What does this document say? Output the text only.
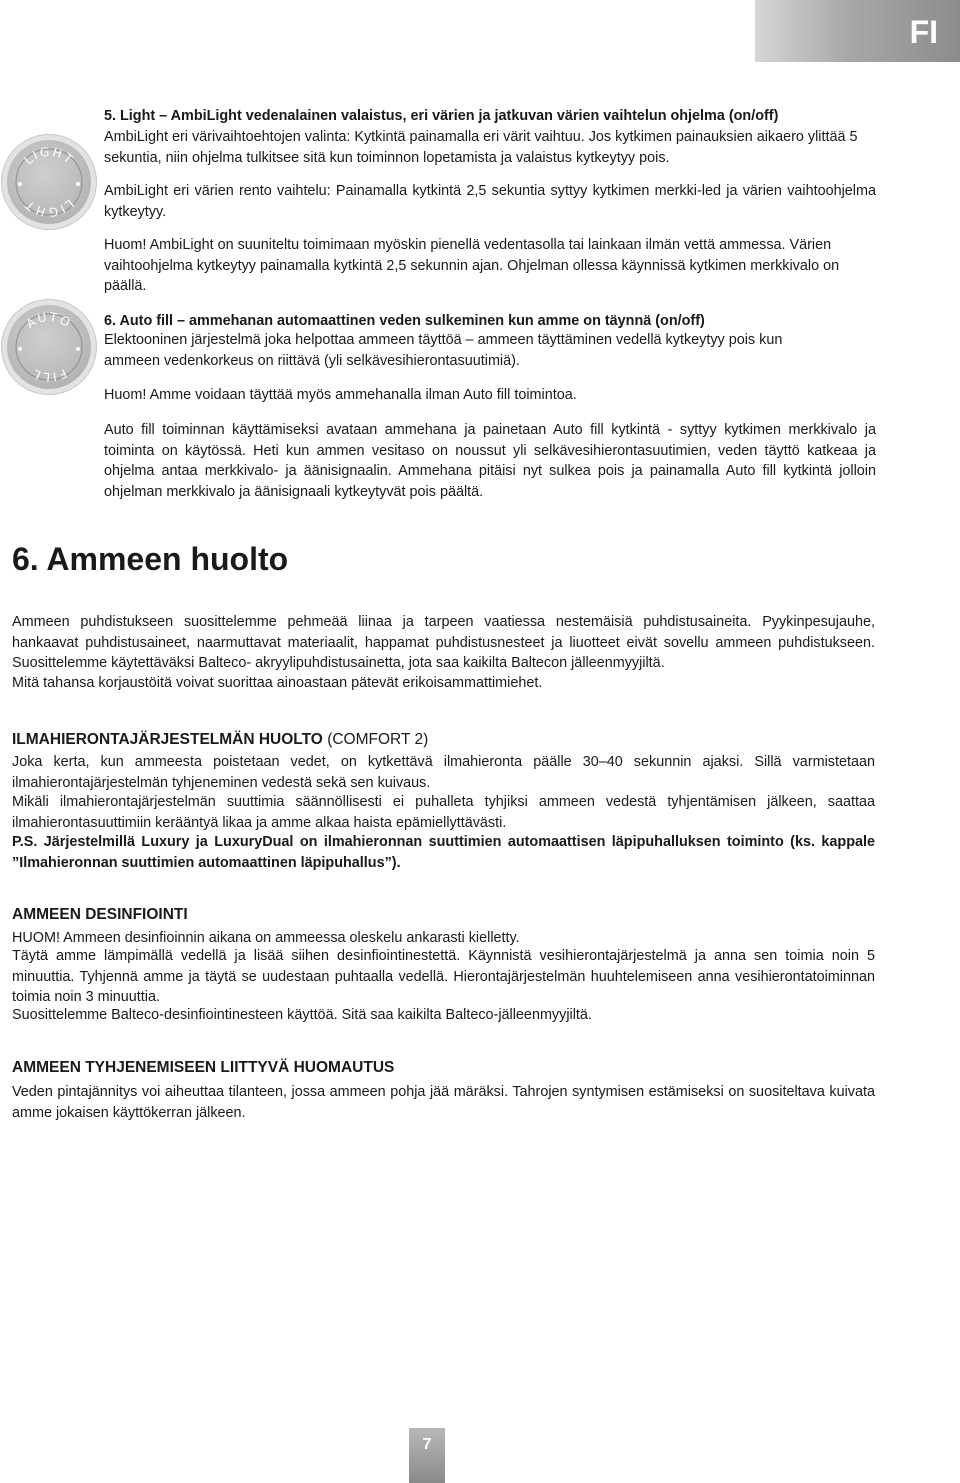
FI
LIGHT
LIGHT
AUTO
FILL
5. Light – AmbiLight vedenalainen valaistus, eri värien ja jatkuvan värien vaihtelun ohjelma (on/off)
AmbiLight eri värivaihtoehtojen valinta: Kytkintä painamalla eri värit vaihtuu. Jos kytkimen painauksien aikaero ylittää 5 sekuntia, niin ohjelma tulkitsee sitä kun toiminnon lopetamista ja valaistus kytkeytyy pois.
AmbiLight eri värien rento vaihtelu: Painamalla kytkintä 2,5 sekuntia syttyy kytkimen merkki-led ja värien vaihtoohjelma kytkeytyy.
Huom! AmbiLight on suuniteltu toimimaan myöskin pienellä vedentasolla tai lainkaan ilmän vettä ammessa. Värien vaihtoohjelma kytkeytyy painamalla kytkintä 2,5 sekunnin ajan. Ohjelman ollessa käynnissä kytkimen merkkivalo on päällä.
6. Auto fill – ammehanan automaattinen veden sulkeminen kun amme on täynnä (on/off)
Elektooninen järjestelmä joka helpottaa ammeen täyttöä – ammeen täyttäminen vedellä kytkeytyy pois kun ammeen vedenkorkeus on riittävä (yli selkävesihierontasuutimiä).
Huom! Amme voidaan täyttää myös ammehanalla ilman Auto fill toimintoa.
Auto fill toiminnan käyttämiseksi avataan ammehana ja painetaan Auto fill kytkintä - syttyy kytkimen merkkivalo ja toiminta on käytössä. Heti kun ammen vesitaso on noussut yli selkävesihierontasuutimien, veden täyttö katkeaa ja ohjelma antaa merkkivalo- ja äänisignaalin. Ammehana pitäisi nyt sulkea pois ja painamalla Auto fill kytkintä jolloin ohjelman merkkivalo ja äänisignaali kytkeytyvät pois päältä.
6. Ammeen huolto
Ammeen puhdistukseen suosittelemme pehmeää liinaa ja tarpeen vaatiessa nestemäisiä puhdistusaineita. Pyykinpesujauhe, hankaavat puhdistusaineet, naarmuttavat materiaalit, happamat puhdistusnesteet ja liuotteet eivät sovellu ammeen puhdistukseen. Suosittelemme käytettäväksi Balteco- akryylipuhdistusainetta, jota saa kaikilta Baltecon jälleenmyyjiltä.
Mitä tahansa korjaustöitä voivat suorittaa ainoastaan pätevät erikoisammattimiehet.
ILMAHIERONTAJÄRJESTELMÄN HUOLTO (COMFORT 2)
Joka kerta, kun ammeesta poistetaan vedet, on kytkettävä ilmahieronta päälle 30–40 sekunnin ajaksi. Sillä varmistetaan ilmahierontajärjestelmän tyhjeneminen vedestä sekä sen kuivaus.
Mikäli ilmahierontajärjestelmän suuttimia säännöllisesti ei puhalleta tyhjiksi ammeen vedestä tyhjentämisen jälkeen, saattaa ilmahierontasuuttimiin kerääntyä likaa ja amme alkaa haista epämiellyttävästi.
P.S. Järjestelmillä Luxury ja LuxuryDual on ilmahieronnan suuttimien automaattisen läpipuhalluksen toiminto (ks. kappale ”Ilmahieronnan suuttimien automaattinen läpipuhallus”).
AMMEEN DESINFIOINTI
HUOM! Ammeen desinfioinnin aikana on ammeessa oleskelu ankarasti kielletty.
Täytä amme lämpimällä vedellä ja lisää siihen desinfiointinestettä. Käynnistä vesihierontajärjestelmä ja anna sen toimia noin 5 minuuttia. Tyhjennä amme ja täytä se uudestaan puhtaalla vedellä. Hierontajärjestelmän huuhtelemiseen anna vesihierontatoiminnan toimia noin 3 minuuttia.
Suosittelemme Balteco-desinfiointinesteen käyttöä. Sitä saa kaikilta Balteco-jälleenmyyjiltä.
AMMEEN TYHJENEMISEEN LIITTYVÄ HUOMAUTUS
Veden pintajännitys voi aiheuttaa tilanteen, jossa ammeen pohja jää märäksi. Tahrojen syntymisen estämiseksi on suositeltava kuivata amme jokaisen käyttökerran jälkeen.
7
